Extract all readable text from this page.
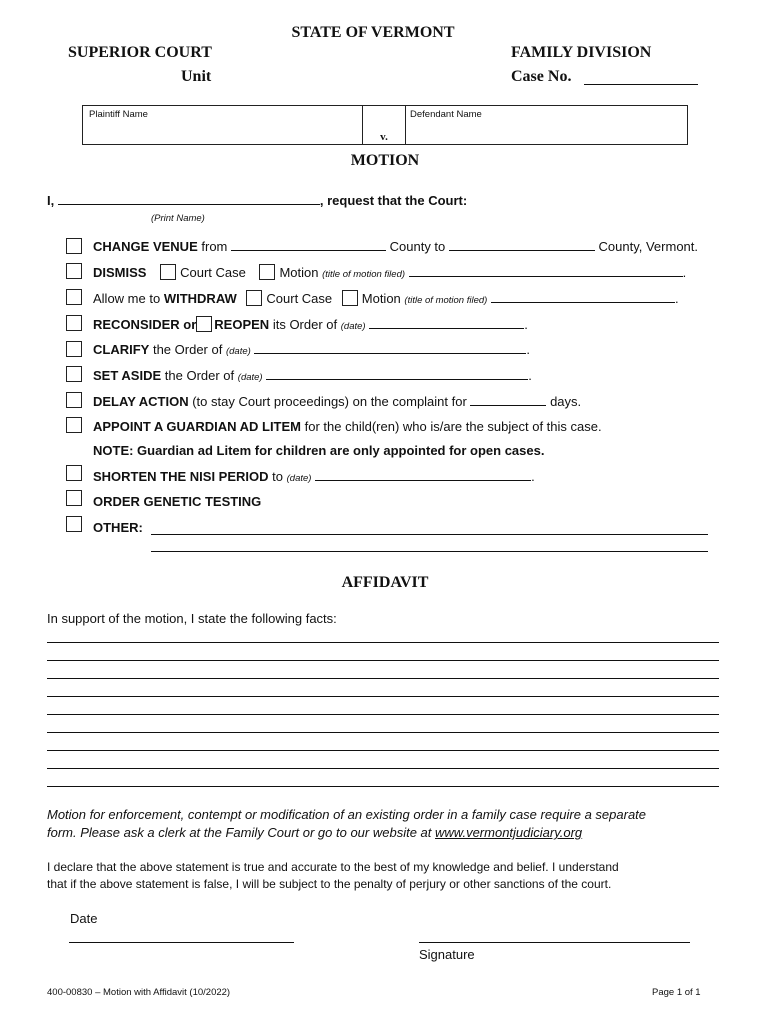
STATE OF VERMONT
SUPERIOR COURT
Unit
FAMILY DIVISION
Case No.
v.
Plaintiff Name	Defendant Name
MOTION
I,	, request that the Court:
(Print Name)
CHANGE VENUE from	County to	County, Vermont.
DISMISS	Court Case	Motion (title of motion filed)	.
Allow me to WITHDRAW Court Case Motion (title of motion filed)	.
RECONSIDER or REOPEN its Order of (date)	.
CLARIFY the Order of (date)	.
SET ASIDE the Order of (date)	.
DELAY ACTION (to stay Court proceedings) on the complaint for	days.
APPOINT A GUARDIAN AD LITEM for the child(ren) who is/are the subject of this case.
NOTE: Guardian ad Litem for children are only appointed for open cases.
SHORTEN THE NISI PERIOD to (date)	.
ORDER GENETIC TESTING
OTHER:
AFFIDAVIT
In support of the motion, I state the following facts:
Motion for enforcement, contempt or modification of an existing order in a family case require a separate
form. Please ask a clerk at the Family Court or go to our website at www.vermontjudiciary.org
I declare that the above statement is true and accurate to the best of my knowledge and belief. I understand
that if the above statement is false, I will be subject to the penalty of perjury or other sanctions of the court.
Date
Signature
400-00830 – Motion with Affidavit (10/2022)	Page 1 of 1
